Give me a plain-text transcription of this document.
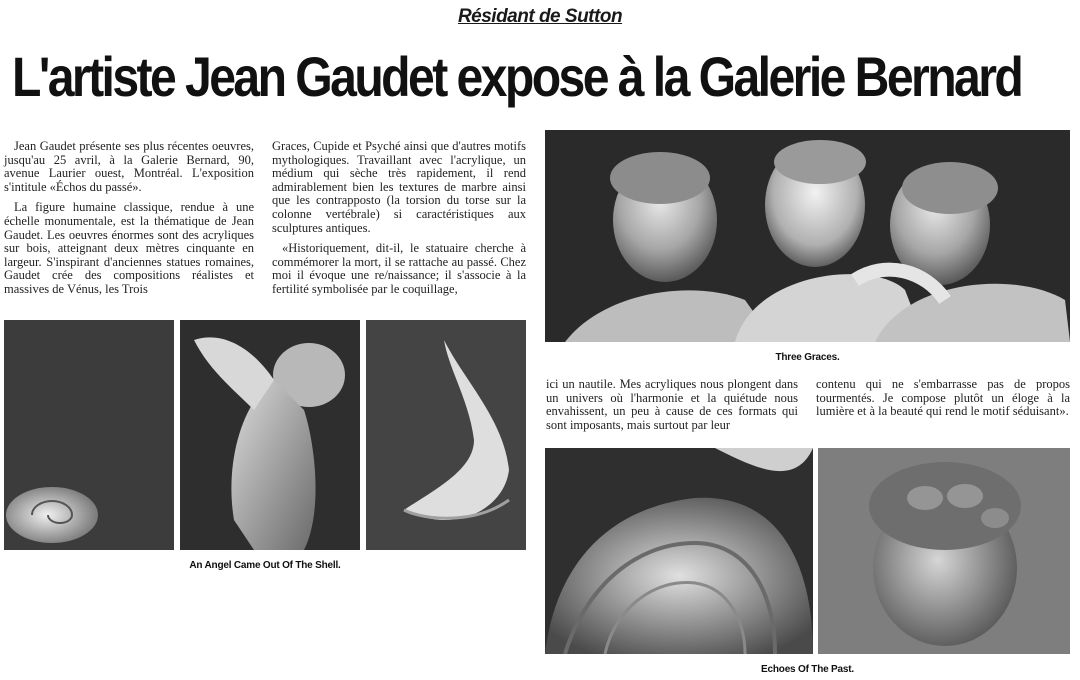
Résidant de Sutton
L'artiste Jean Gaudet expose à la Galerie Bernard

Jean Gaudet présente ses plus récentes oeuvres, jusqu'au 25 avril, à la Galerie Bernard, 90, avenue Laurier ouest, Montréal. L'exposition s'intitule «Échos du passé».

La figure humaine classique, rendue à une échelle monumentale, est la thématique de Jean Gaudet. Les oeuvres énormes sont des acryliques sur bois, atteignant deux mètres cinquante en largeur. S'inspirant d'anciennes statues romaines, Gaudet crée des compositions réalistes et massives de Vénus, les Trois

Graces, Cupide et Psyché ainsi que d'autres motifs mythologiques. Travaillant avec l'acrylique, un médium qui sèche très rapidement, il rend admirablement bien les textures de marbre ainsi que les contrapposto (la torsion du torse sur la colonne vertébrale) si caractéristiques aux sculptures antiques.

«Historiquement, dit-il, le statuaire cherche à commémorer la mort, il se rattache au passé. Chez moi il évoque une re/naissance; il s'associe à la fertilité symbolisée par le coquillage,

Three Graces.

ici un nautile. Mes acryliques nous plongent dans un univers où l'harmonie et la quiétude nous envahissent, un peu à cause de ces formats qui sont imposants, mais surtout par leur

contenu qui ne s'embarrasse pas de propos tourmentés. Je compose plutôt un éloge à la lumière et à la beauté qui rend le motif séduisant».

An Angel Came Out Of The Shell.
Echoes Of The Past.
